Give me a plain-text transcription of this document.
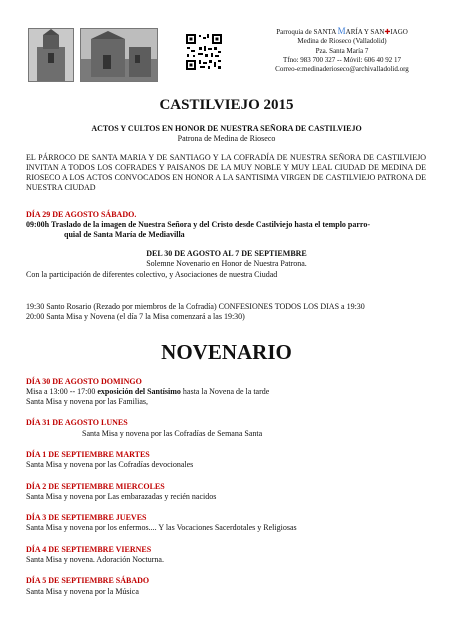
Parroquia de SANTA MARÍA Y SAN✚IAGO
Medina de Rioseco (Valladolid)
Pza. Santa María 7
Tfno: 983 700 327 -- Móvil: 606 40 92 17
Correo-e:medinaderioseco@archivalladolid.org
CASTILVIEJO 2015
ACTOS Y CULTOS EN HONOR DE NUESTRA SEÑORA DE CASTILVIEJO
Patrona de Medina de Rioseco
EL PÁRROCO DE SANTA MARIA Y DE SANTIAGO Y LA COFRADÍA DE NUESTRA SEÑORA DE CASTILVIEJO INVITAN A TODOS LOS COFRADES Y PAISANOS DE LA MUY NOBLE Y MUY LEAL CIUDAD DE MEDINA DE RIOSECO A LOS ACTOS CONVOCADOS EN HONOR A LA SANTISIMA VIRGEN DE CASTILVIEJO PATRONA DE NUESTRA CIUDAD
DÍA 29 DE AGOSTO SÁBADO.
09:00h Traslado de la imagen de Nuestra Señora y del Cristo desde Castilviejo hasta el templo parro-
quial de Santa María de Mediavilla
DEL 30 DE AGOSTO AL 7 DE SEPTIEMBRE
Solemne Novenario en Honor de Nuestra Patrona.
Con la participación de diferentes colectivo, y Asociaciones de nuestra Ciudad
19:30 Santo Rosario (Rezado por miembros de la Cofradía) CONFESIONES TODOS LOS DIAS a 19:30
20:00 Santa Misa y Novena (el día 7 la Misa comenzará a las 19:30)
NOVENARIO
DÍA 30 DE AGOSTO DOMINGO
Misa a 13:00 -- 17:00 exposición del Santísimo hasta la Novena de la tarde
Santa Misa y novena por las Familias,
DÍA 31 DE AGOSTO LUNES
Santa Misa y novena por las Cofradías de Semana Santa
DÍA 1 DE SEPTIEMBRE MARTES
Santa Misa y novena por las Cofradías devocionales
DÍA 2 DE SEPTIEMBRE MIERCOLES
Santa Misa y novena por Las embarazadas y recién nacidos
DÍA 3 DE SEPTIEMBRE JUEVES
Santa Misa y novena por los enfermos.... Y las Vocaciones Sacerdotales y Religiosas
DÍA 4 DE SEPTIEMBRE VIERNES
Santa Misa y novena. Adoración Nocturna.
DÍA 5 DE SEPTIEMBRE SÁBADO
Santa Misa y novena por la Música
